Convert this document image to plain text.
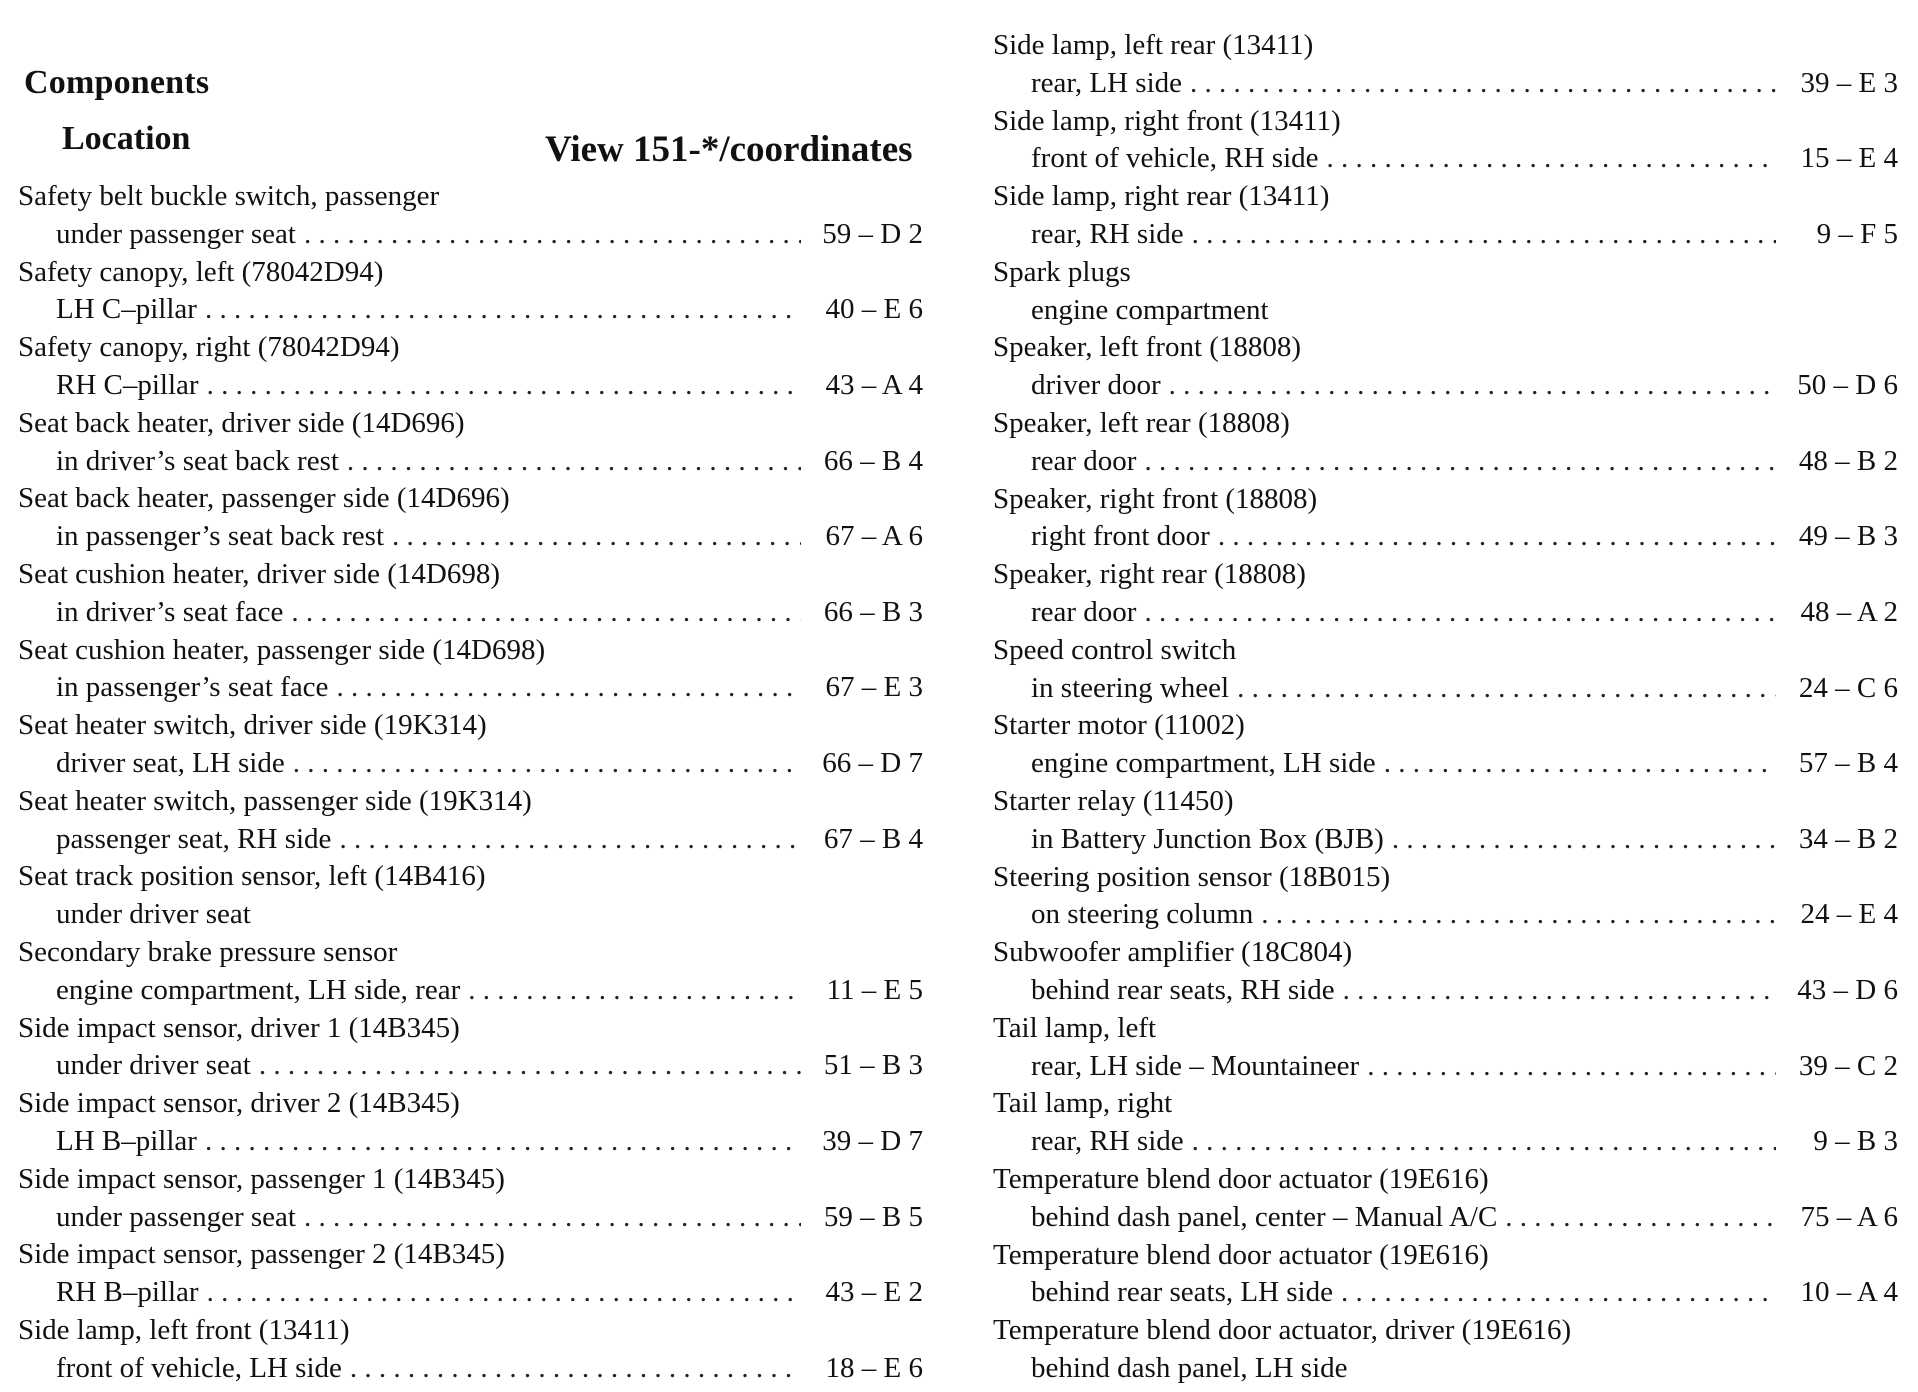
Components
Location	View 151-*/coordinates
Safety belt buckle switch, passenger
under passenger seat . . .	59 – D 2
Safety canopy, left (78042D94)
LH C–pillar . . .	40 – E 6
Safety canopy, right (78042D94)
RH C–pillar . . .	43 – A 4
Seat back heater, driver side (14D696)
in driver’s seat back rest . . .	66 – B 4
Seat back heater, passenger side (14D696)
in passenger’s seat back rest . . .	67 – A 6
Seat cushion heater, driver side (14D698)
in driver’s seat face . . .	66 – B 3
Seat cushion heater, passenger side (14D698)
in passenger’s seat face . . .	67 – E 3
Seat heater switch, driver side (19K314)
driver seat, LH side . . .	66 – D 7
Seat heater switch, passenger side (19K314)
passenger seat, RH side . . .	67 – B 4
Seat track position sensor, left (14B416)
under driver seat
Secondary brake pressure sensor
engine compartment, LH side, rear . . .	11 – E 5
Side impact sensor, driver 1 (14B345)
under driver seat . . .	51 – B 3
Side impact sensor, driver 2 (14B345)
LH B–pillar . . .	39 – D 7
Side impact sensor, passenger 1 (14B345)
under passenger seat . . .	59 – B 5
Side impact sensor, passenger 2 (14B345)
RH B–pillar . . .	43 – E 2
Side lamp, left front (13411)
front of vehicle, LH side . . .	18 – E 6
Side lamp, left rear (13411)
rear, LH side . . .	39 – E 3
Side lamp, right front (13411)
front of vehicle, RH side . . .	15 – E 4
Side lamp, right rear (13411)
rear, RH side . . .	9 – F 5
Spark plugs
engine compartment
Speaker, left front (18808)
driver door . . .	50 – D 6
Speaker, left rear (18808)
rear door . . .	48 – B 2
Speaker, right front (18808)
right front door . . .	49 – B 3
Speaker, right rear (18808)
rear door . . .	48 – A 2
Speed control switch
in steering wheel . . .	24 – C 6
Starter motor (11002)
engine compartment, LH side . . .	57 – B 4
Starter relay (11450)
in Battery Junction Box (BJB) . . .	34 – B 2
Steering position sensor (18B015)
on steering column . . .	24 – E 4
Subwoofer amplifier (18C804)
behind rear seats, RH side . . .	43 – D 6
Tail lamp, left
rear, LH side – Mountaineer . . .	39 – C 2
Tail lamp, right
rear, RH side . . .	9 – B 3
Temperature blend door actuator (19E616)
behind dash panel, center – Manual A/C . . .	75 – A 6
Temperature blend door actuator (19E616)
behind rear seats, LH side . . .	10 – A 4
Temperature blend door actuator, driver (19E616)
behind dash panel, LH side
